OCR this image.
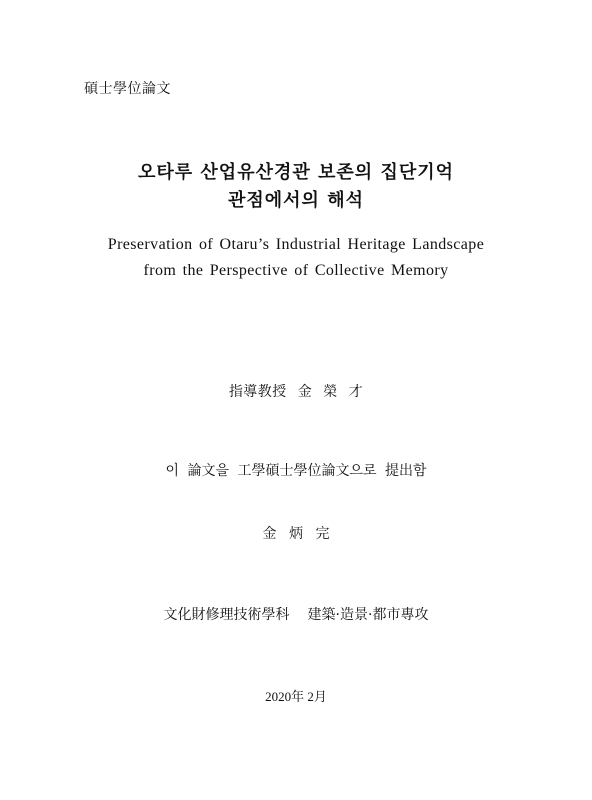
碩士學位論文
오타루 산업유산경관 보존의 집단기억
관점에서의 해석
Preservation of Otaru’s Industrial Heritage Landscape
from the Perspective of Collective Memory
指導教授 金 榮 才
이 論文을 工學碩士學位論文으로 提出함
金 炳 完
文化財修理技術學科 建築·造景·都市專攻
2020年 2月
